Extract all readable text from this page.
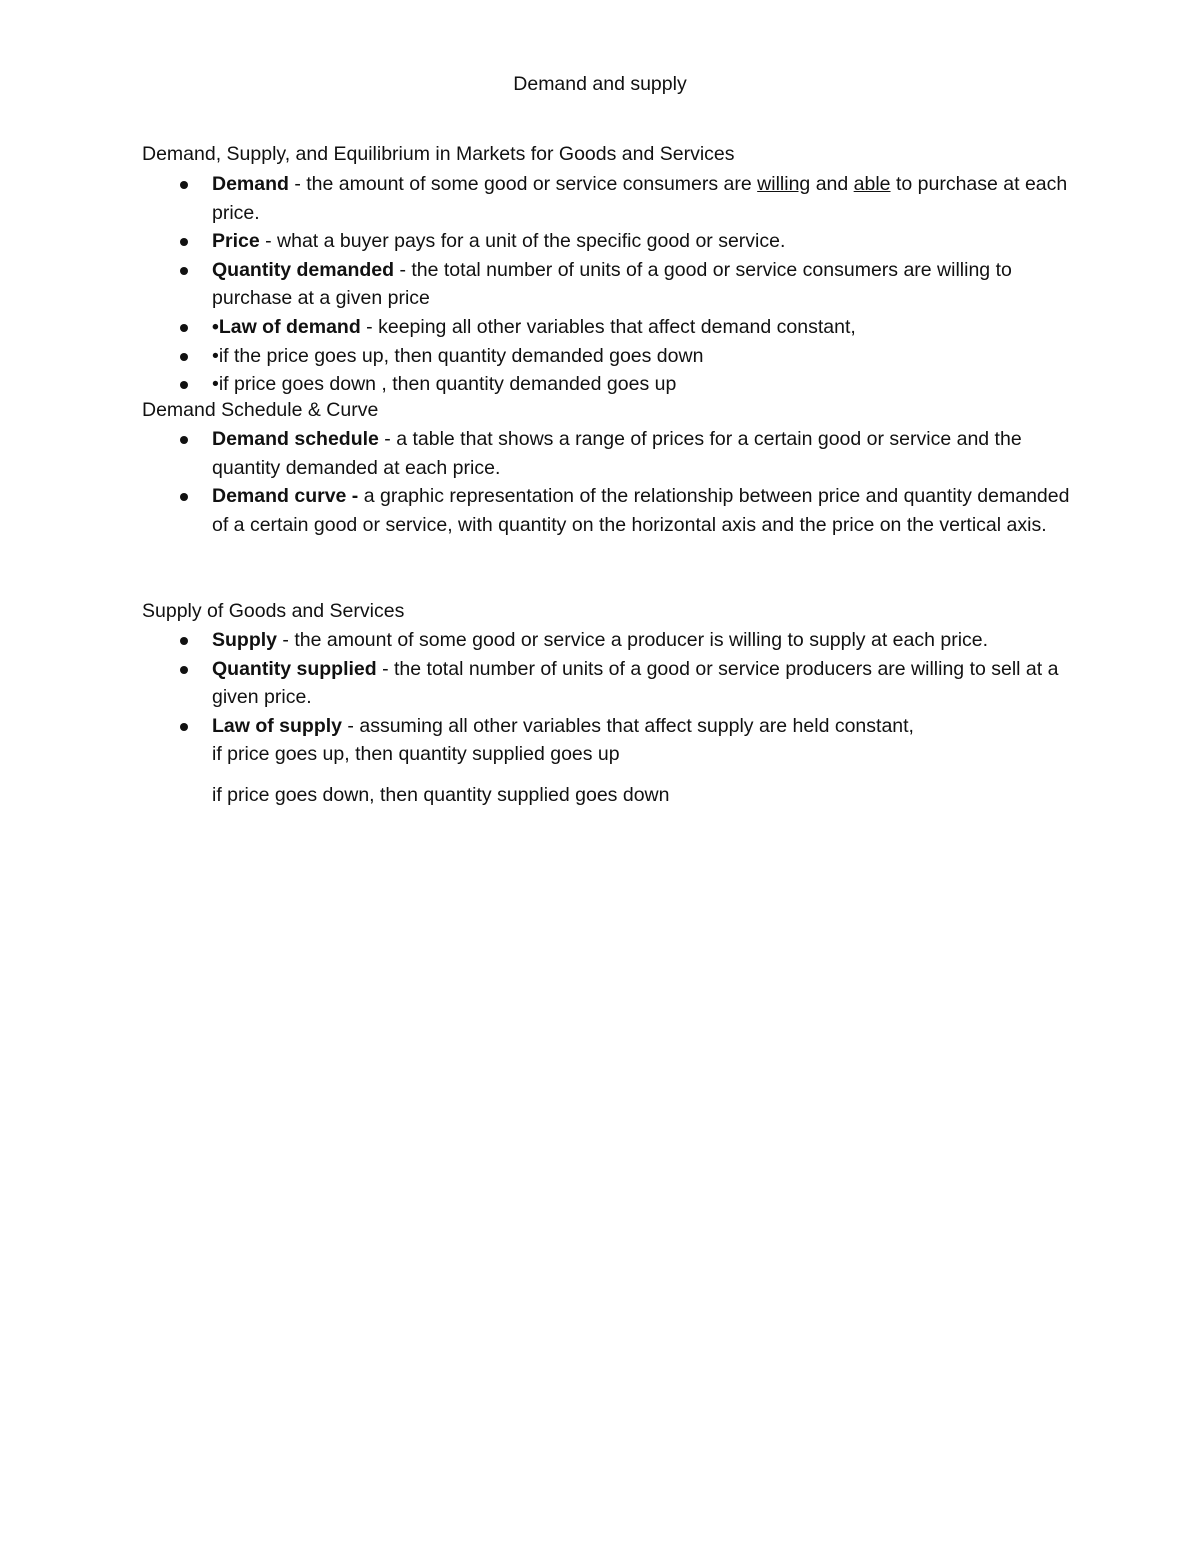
Demand and supply
Demand, Supply, and Equilibrium in Markets for Goods and Services
Demand - the amount of some good or service consumers are willing and able to purchase at each price.
Price - what a buyer pays for a unit of the specific good or service.
Quantity demanded - the total number of units of a good or service consumers are willing to purchase at a given price
•Law of demand - keeping all other variables that affect demand constant,
•if the price goes up, then quantity demanded goes down
•if price goes down , then quantity demanded goes up
Demand Schedule & Curve
Demand schedule - a table that shows a range of prices for a certain good or service and the quantity demanded at each price.
Demand curve - a graphic representation of the relationship between price and quantity demanded of a certain good or service, with quantity on the horizontal axis and the price on the vertical axis.
Supply of Goods and Services
Supply - the amount of some good or service a producer is willing to supply at each price.
Quantity supplied - the total number of units of a good or service producers are willing to sell at a given price.
Law of supply - assuming all other variables that affect supply are held constant,
if price goes up, then quantity supplied goes up
if price goes down, then quantity supplied goes down
